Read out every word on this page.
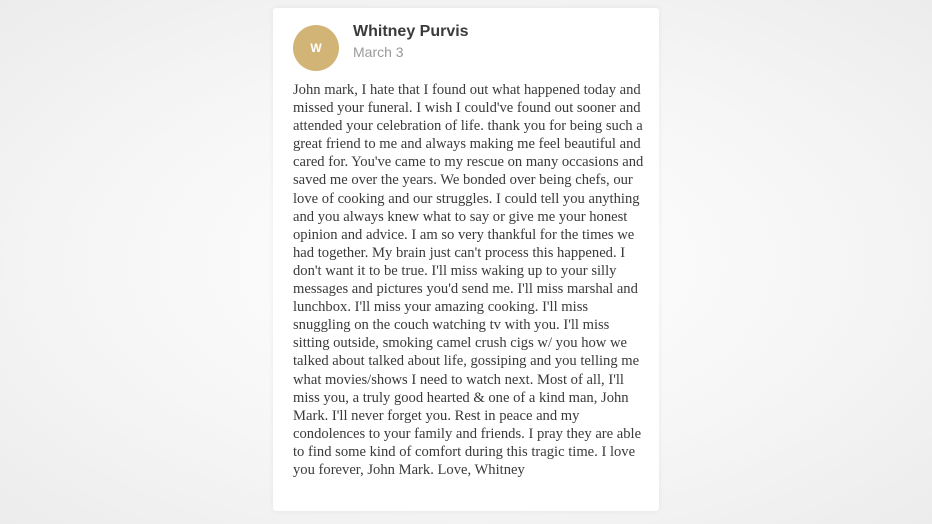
W
Whitney Purvis
March 3

John mark, I hate that I found out what happened today and missed your funeral. I wish I could've found out sooner and attended your celebration of life. thank you for being such a great friend to me and always making me feel beautiful and cared for. You've came to my rescue on many occasions and saved me over the years. We bonded over being chefs, our love of cooking and our struggles. I could tell you anything and you always knew what to say or give me your honest opinion and advice. I am so very thankful for the times we had together. My brain just can't process this happened. I don't want it to be true. I'll miss waking up to your silly messages and pictures you'd send me. I'll miss marshal and lunchbox. I'll miss your amazing cooking. I'll miss snuggling on the couch watching tv with you. I'll miss sitting outside, smoking camel crush cigs w/ you how we talked about talked about life, gossiping and you telling me what movies/shows I need to watch next. Most of all, I'll miss you, a truly good hearted & one of a kind man, John Mark. I'll never forget you. Rest in peace and my condolences to your family and friends. I pray they are able to find some kind of comfort during this tragic time. I love you forever, John Mark. Love, Whitney
